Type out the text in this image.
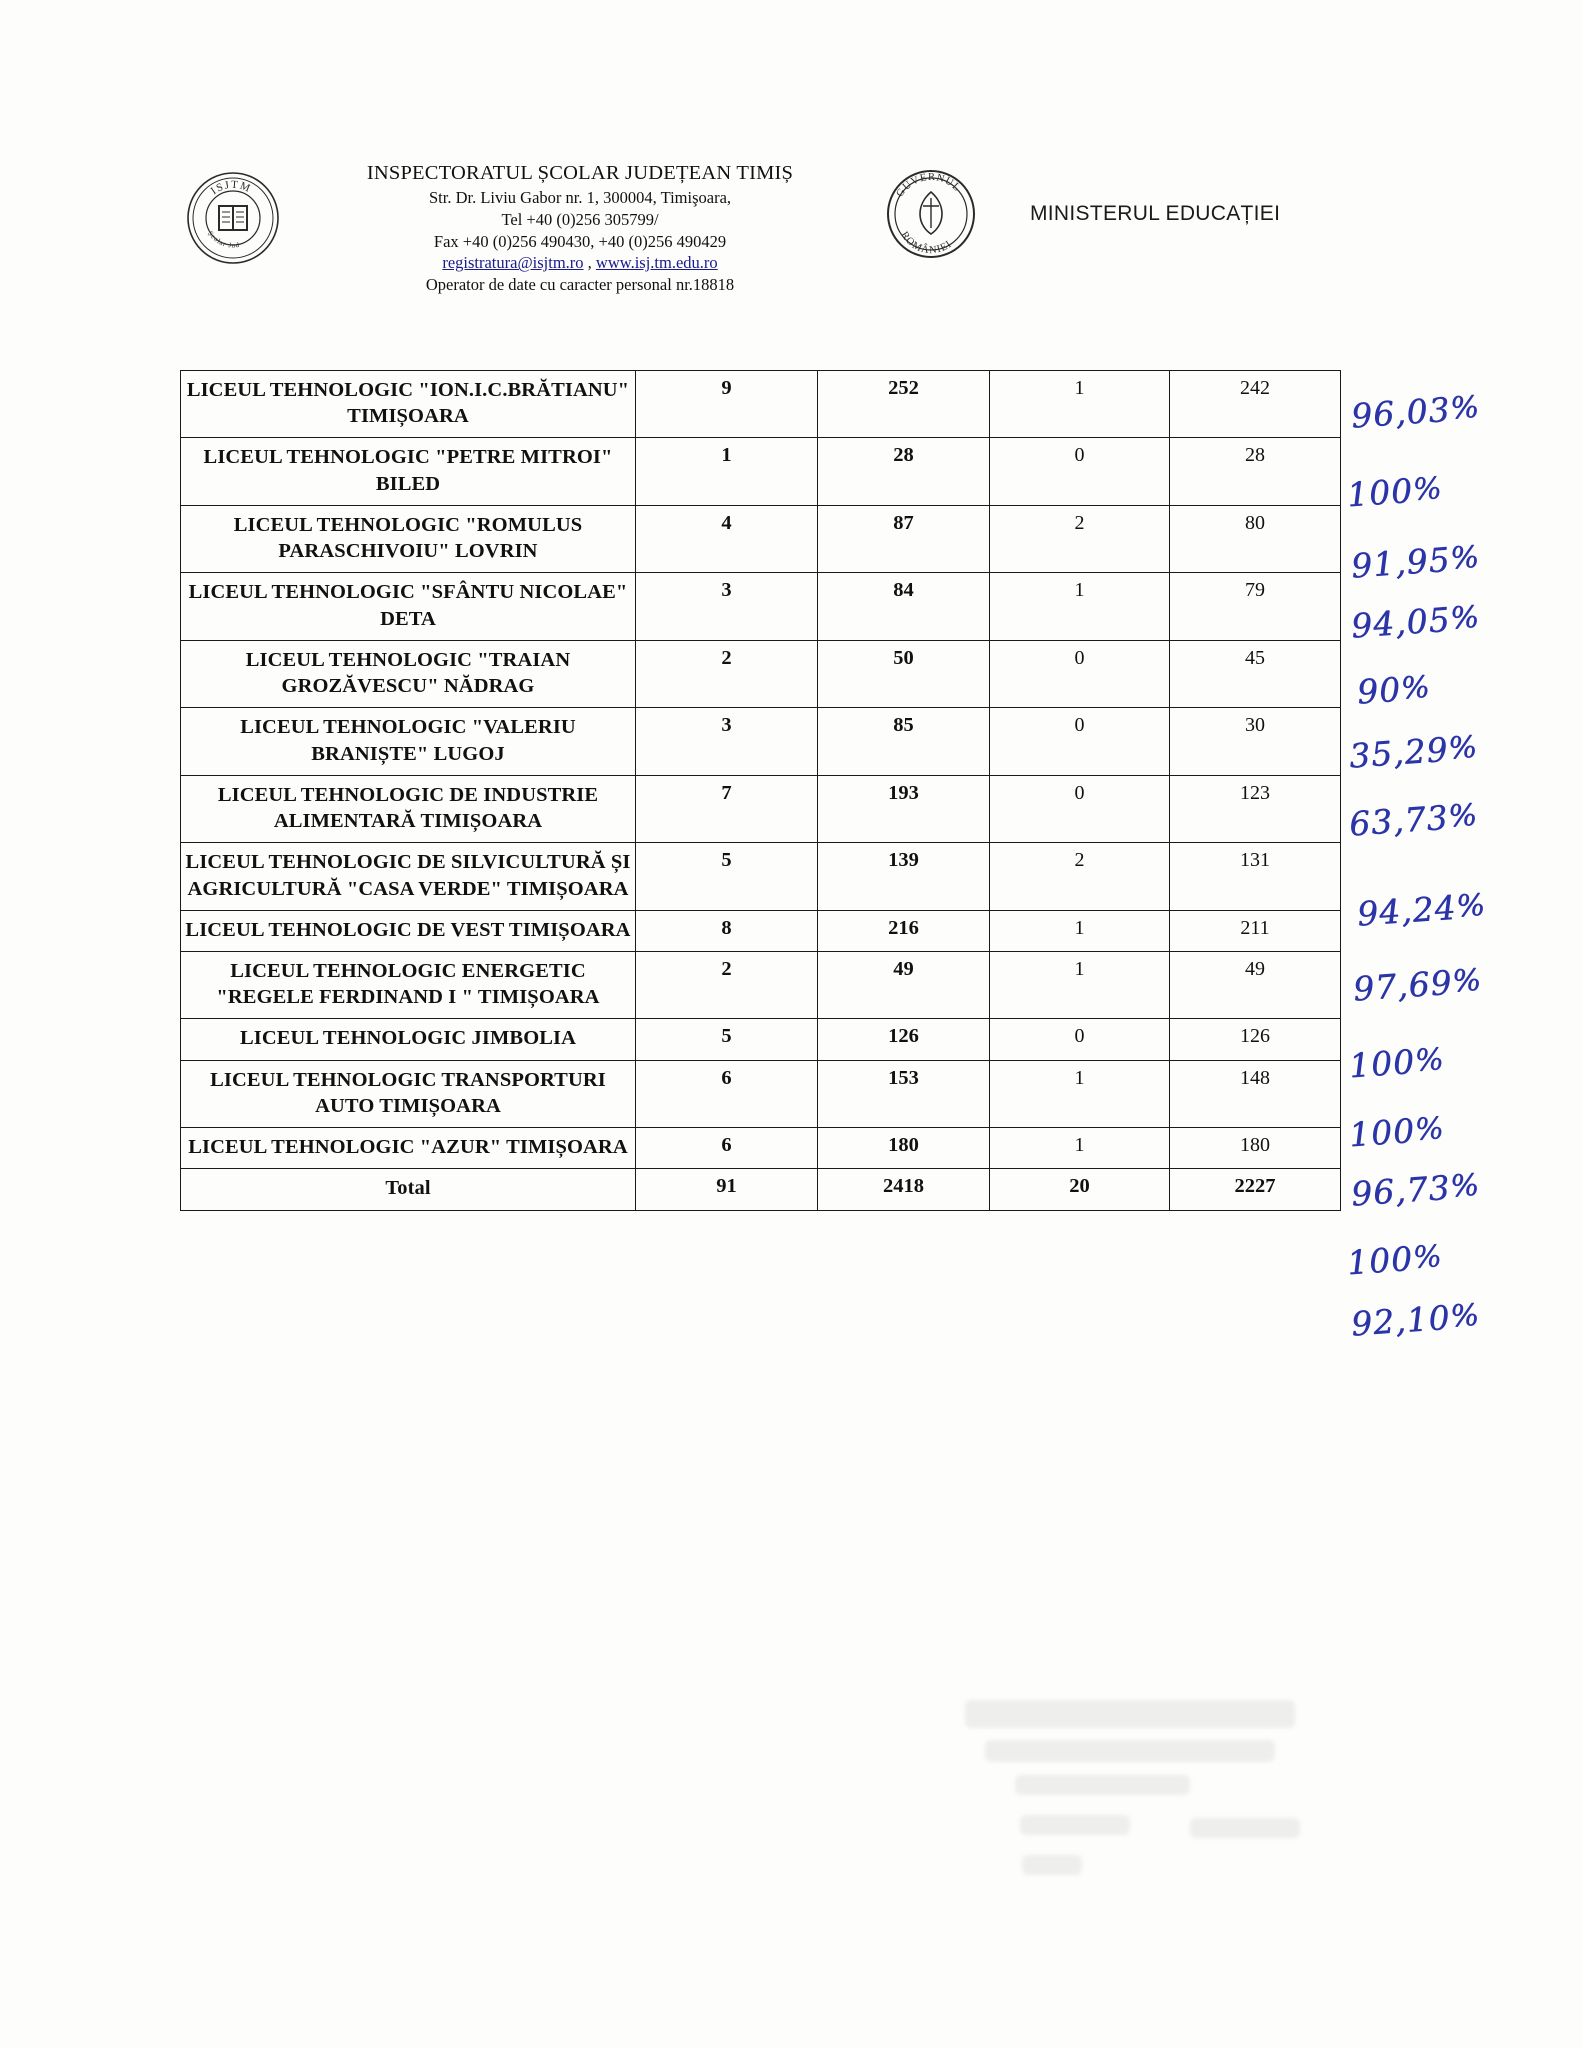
ISJTM
Școlar Jud
INSPECTORATUL ȘCOLAR JUDEȚEAN TIMIȘ
Str. Dr. Liviu Gabor nr. 1, 300004, Timişoara,
Tel +40 (0)256 305799/
Fax +40 (0)256 490430, +40 (0)256 490429
registratura@isjtm.ro , www.isj.tm.edu.ro
Operator de date cu caracter personal nr.18818
GUVERNUL
ROMÂNIEI
MINISTERUL EDUCAȚIEI
LICEUL TEHNOLOGIC "ION.I.C.BRĂTIANU" TIMIȘOARA	9	252	1	242
LICEUL TEHNOLOGIC "PETRE MITROI" BILED	1	28	0	28
LICEUL TEHNOLOGIC "ROMULUS PARASCHIVOIU" LOVRIN	4	87	2	80
LICEUL TEHNOLOGIC "SFÂNTU NICOLAE" DETA	3	84	1	79
LICEUL TEHNOLOGIC "TRAIAN GROZĂVESCU" NĂDRAG	2	50	0	45
LICEUL TEHNOLOGIC "VALERIU BRANIȘTE" LUGOJ	3	85	0	30
LICEUL TEHNOLOGIC DE INDUSTRIE ALIMENTARĂ TIMIȘOARA	7	193	0	123
LICEUL TEHNOLOGIC DE SILVICULTURĂ ȘI AGRICULTURĂ "CASA VERDE" TIMIȘOARA	5	139	2	131
LICEUL TEHNOLOGIC DE VEST TIMIȘOARA	8	216	1	211
LICEUL TEHNOLOGIC ENERGETIC "REGELE FERDINAND I " TIMIȘOARA	2	49	1	49
LICEUL TEHNOLOGIC JIMBOLIA	5	126	0	126
LICEUL TEHNOLOGIC TRANSPORTURI AUTO TIMIȘOARA	6	153	1	148
LICEUL TEHNOLOGIC "AZUR" TIMIȘOARA	6	180	1	180
Total	91	2418	20	2227
96,03%
100%
91,95%
94,05%
90%
35,29%
63,73%
94,24%
97,69%
100%
100%
96,73%
100%
92,10%
